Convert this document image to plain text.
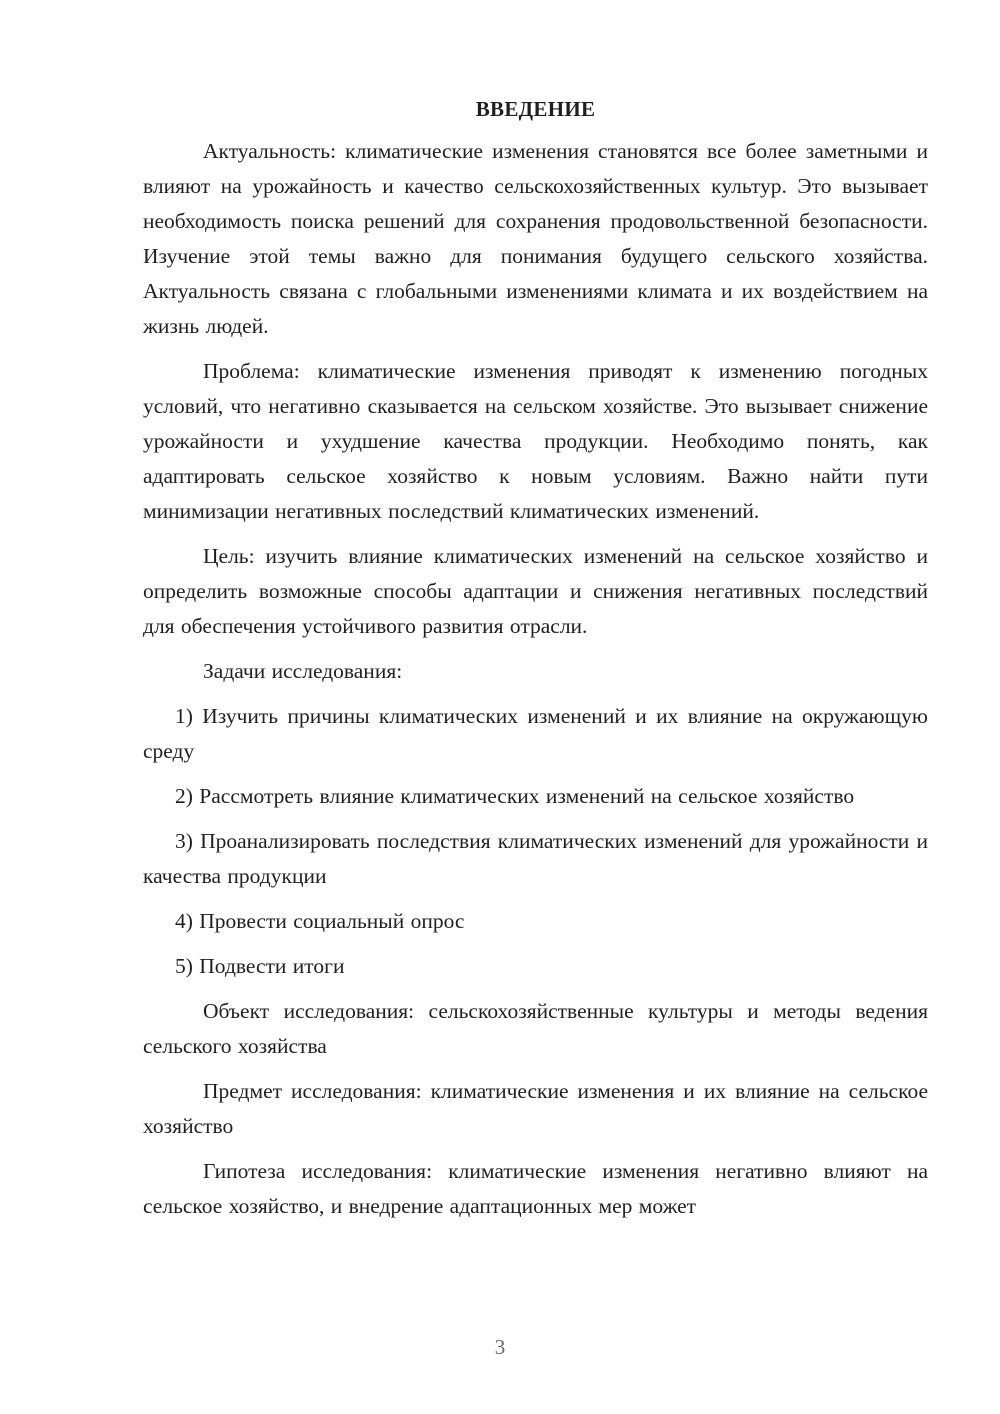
ВВЕДЕНИЕ

Актуальность: климатические изменения становятся все более заметными и влияют на урожайность и качество сельскохозяйственных культур. Это вызывает необходимость поиска решений для сохранения продовольственной безопасности. Изучение этой темы важно для понимания будущего сельского хозяйства. Актуальность связана с глобальными изменениями климата и их воздействием на жизнь людей.

Проблема: климатические изменения приводят к изменению погодных условий, что негативно сказывается на сельском хозяйстве. Это вызывает снижение урожайности и ухудшение качества продукции. Необходимо понять, как адаптировать сельское хозяйство к новым условиям. Важно найти пути минимизации негативных последствий климатических изменений.

Цель: изучить влияние климатических изменений на сельское хозяйство и определить возможные способы адаптации и снижения негативных последствий для обеспечения устойчивого развития отрасли.

Задачи исследования:

1) Изучить причины климатических изменений и их влияние на окружающую среду

2) Рассмотреть влияние климатических изменений на сельское хозяйство

3) Проанализировать последствия климатических изменений для урожайности и качества продукции

4) Провести социальный опрос

5) Подвести итоги

Объект исследования: сельскохозяйственные культуры и методы ведения сельского хозяйства

Предмет исследования: климатические изменения и их влияние на сельское хозяйство

Гипотеза исследования: климатические изменения негативно влияют на сельское хозяйство, и внедрение адаптационных мер может

3
